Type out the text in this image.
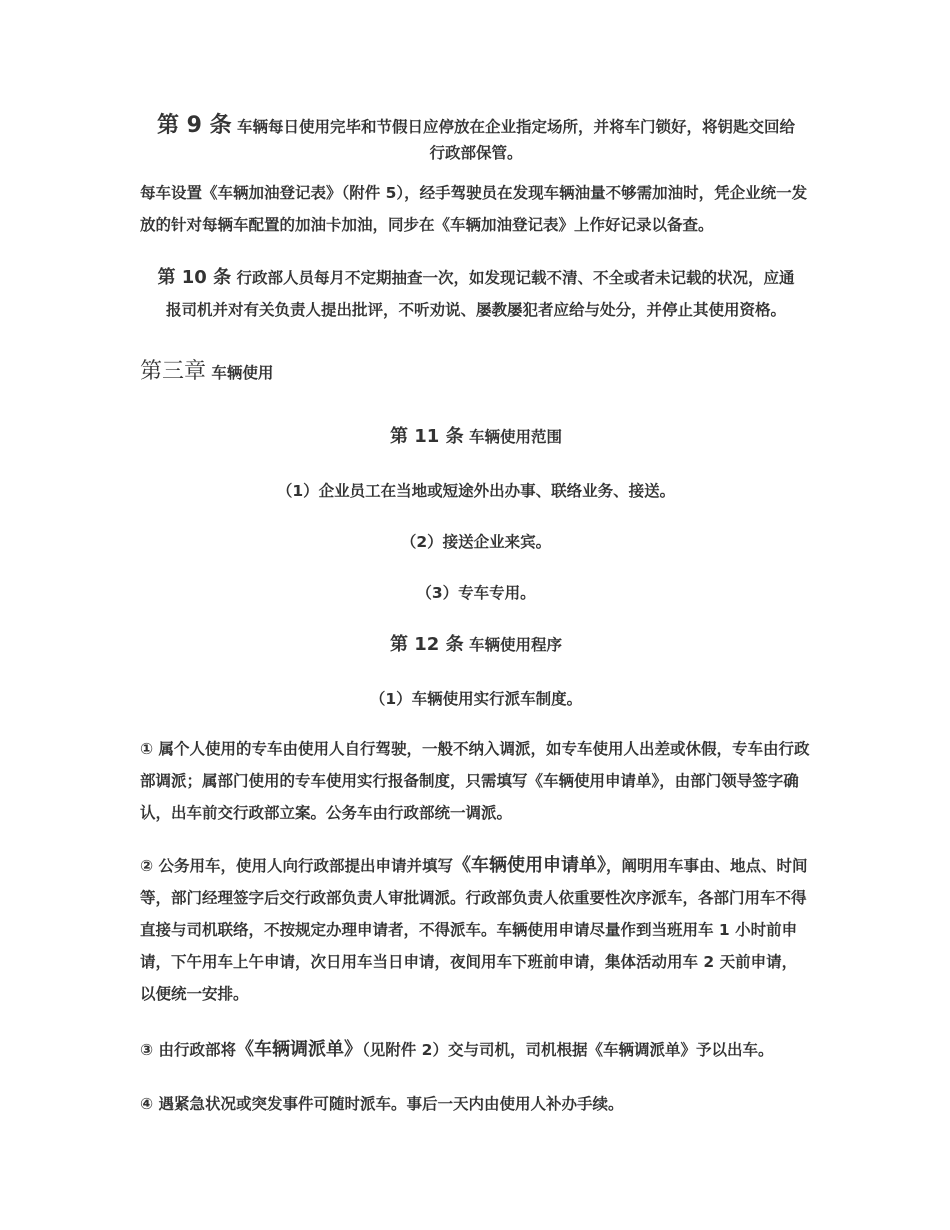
第 9 条 车辆每日使用完毕和节假日应停放在企业指定场所，并将车门锁好，将钥匙交回给
行政部保管。
每车设置《车辆加油登记表》（附件 5），经手驾驶员在发现车辆油量不够需加油时，凭企业统一发放的针对每辆车配置的加油卡加油，同步在《车辆加油登记表》上作好记录以备查。
第 10 条 行政部人员每月不定期抽查一次，如发现记载不清、不全或者未记载的状况，应通
报司机并对有关负责人提出批评，不听劝说、屡教屡犯者应给与处分，并停止其使用资格。
第三章 车辆使用
第 11 条 车辆使用范围
（1）企业员工在当地或短途外出办事、联络业务、接送。
（2）接送企业来宾。
（3）专车专用。
第 12 条 车辆使用程序
（1）车辆使用实行派车制度。
① 属个人使用的专车由使用人自行驾驶，一般不纳入调派，如专车使用人出差或休假，专车由行政部调派；属部门使用的专车使用实行报备制度，只需填写《车辆使用申请单》，由部门领导签字确认，出车前交行政部立案。公务车由行政部统一调派。
② 公务用车，使用人向行政部提出申请并填写《车辆使用申请单》，阐明用车事由、地点、时间等，部门经理签字后交行政部负责人审批调派。行政部负责人依重要性次序派车，各部门用车不得直接与司机联络，不按规定办理申请者，不得派车。车辆使用申请尽量作到当班用车 1 小时前申请，下午用车上午申请，次日用车当日申请，夜间用车下班前申请，集体活动用车 2 天前申请，以便统一安排。
③ 由行政部将《车辆调派单》（见附件 2）交与司机，司机根据《车辆调派单》予以出车。
④ 遇紧急状况或突发事件可随时派车。事后一天内由使用人补办手续。
